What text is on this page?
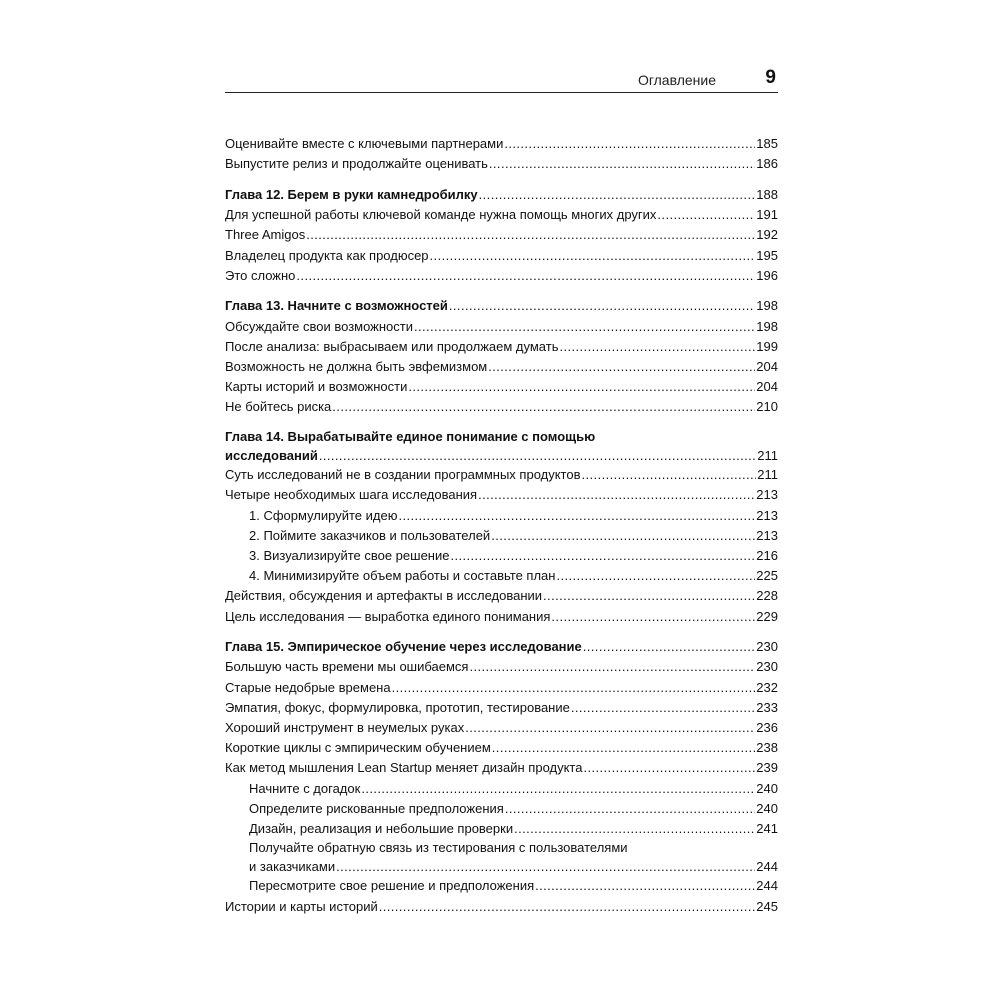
Оглавление	9
Оценивайте вместе с ключевыми партнерами .....	185
Выпустите релиз и продолжайте оценивать .....	186
Глава 12. Берем в руки камнедробилку .....	188
Для успешной работы ключевой команде нужна помощь многих других .....	191
Three Amigos .....	192
Владелец продукта как продюсер .....	195
Это сложно .....	196
Глава 13. Начните с возможностей .....	198
Обсуждайте свои возможности .....	198
После анализа: выбрасываем или продолжаем думать .....	199
Возможность не должна быть эвфемизмом .....	204
Карты историй и возможности .....	204
Не бойтесь риска .....	210
Глава 14. Вырабатывайте единое понимание с помощью
исследований .....	211
Суть исследований не в создании программных продуктов .....	211
Четыре необходимых шага исследования .....	213
1. Сформулируйте идею .....	213
2. Поймите заказчиков и пользователей .....	213
3. Визуализируйте свое решение .....	216
4. Минимизируйте объем работы и составьте план .....	225
Действия, обсуждения и артефакты в исследовании .....	228
Цель исследования — выработка единого понимания .....	229
Глава 15. Эмпирическое обучение через исследование .....	230
Большую часть времени мы ошибаемся .....	230
Старые недобрые времена .....	232
Эмпатия, фокус, формулировка, прототип, тестирование .....	233
Хороший инструмент в неумелых руках .....	236
Короткие циклы с эмпирическим обучением .....	238
Как метод мышления Lean Startup меняет дизайн продукта .....	239
Начните с догадок .....	240
Определите рискованные предположения .....	240
Дизайн, реализация и небольшие проверки .....	241
Получайте обратную связь из тестирования с пользователями
и заказчиками .....	244
Пересмотрите свое решение и предположения .....	244
Истории и карты историй .....	245
